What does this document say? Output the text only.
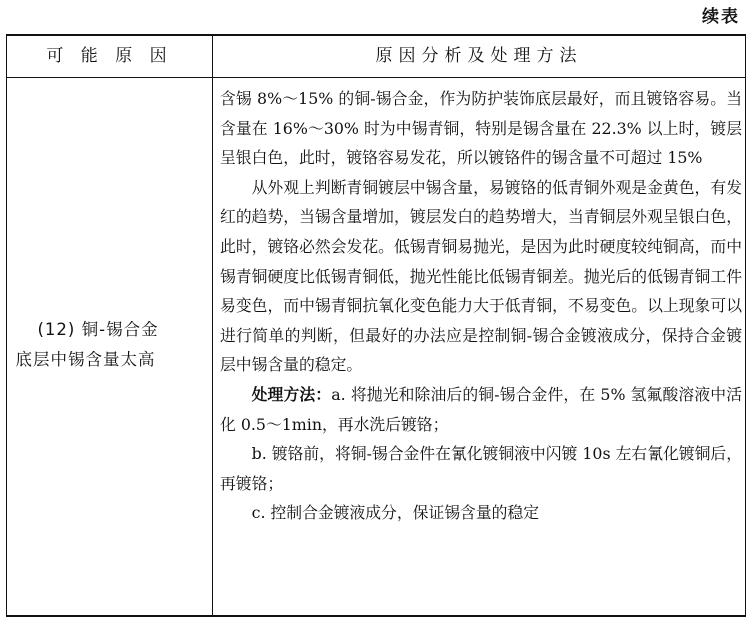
续表
可 能 原 因	原因分析及处理方法
(12) 铜-锡合金
底层中锡含量太高

含锡 8%～15% 的铜-锡合金，作为防护装饰底层最好，而且镀铬容易。当含量在 16%～30% 时为中锡青铜，特别是锡含量在 22.3% 以上时，镀层呈银白色，此时，镀铬容易发花，所以镀铬件的锡含量不可超过 15%

从外观上判断青铜镀层中锡含量，易镀铬的低青铜外观是金黄色，有发红的趋势，当锡含量增加，镀层发白的趋势增大，当青铜层外观呈银白色，此时，镀铬必然会发花。低锡青铜易抛光，是因为此时硬度较纯铜高，而中锡青铜硬度比低锡青铜低，抛光性能比低锡青铜差。抛光后的低锡青铜工件易变色，而中锡青铜抗氧化变色能力大于低青铜，不易变色。以上现象可以进行简单的判断，但最好的办法应是控制铜-锡合金镀液成分，保持合金镀层中锡含量的稳定。

处理方法：a. 将抛光和除油后的铜-锡合金件，在 5% 氢氟酸溶液中活化 0.5～1min，再水洗后镀铬；

b. 镀铬前，将铜-锡合金件在氰化镀铜液中闪镀 10s 左右氰化镀铜后，再镀铬；

c. 控制合金镀液成分，保证锡含量的稳定
